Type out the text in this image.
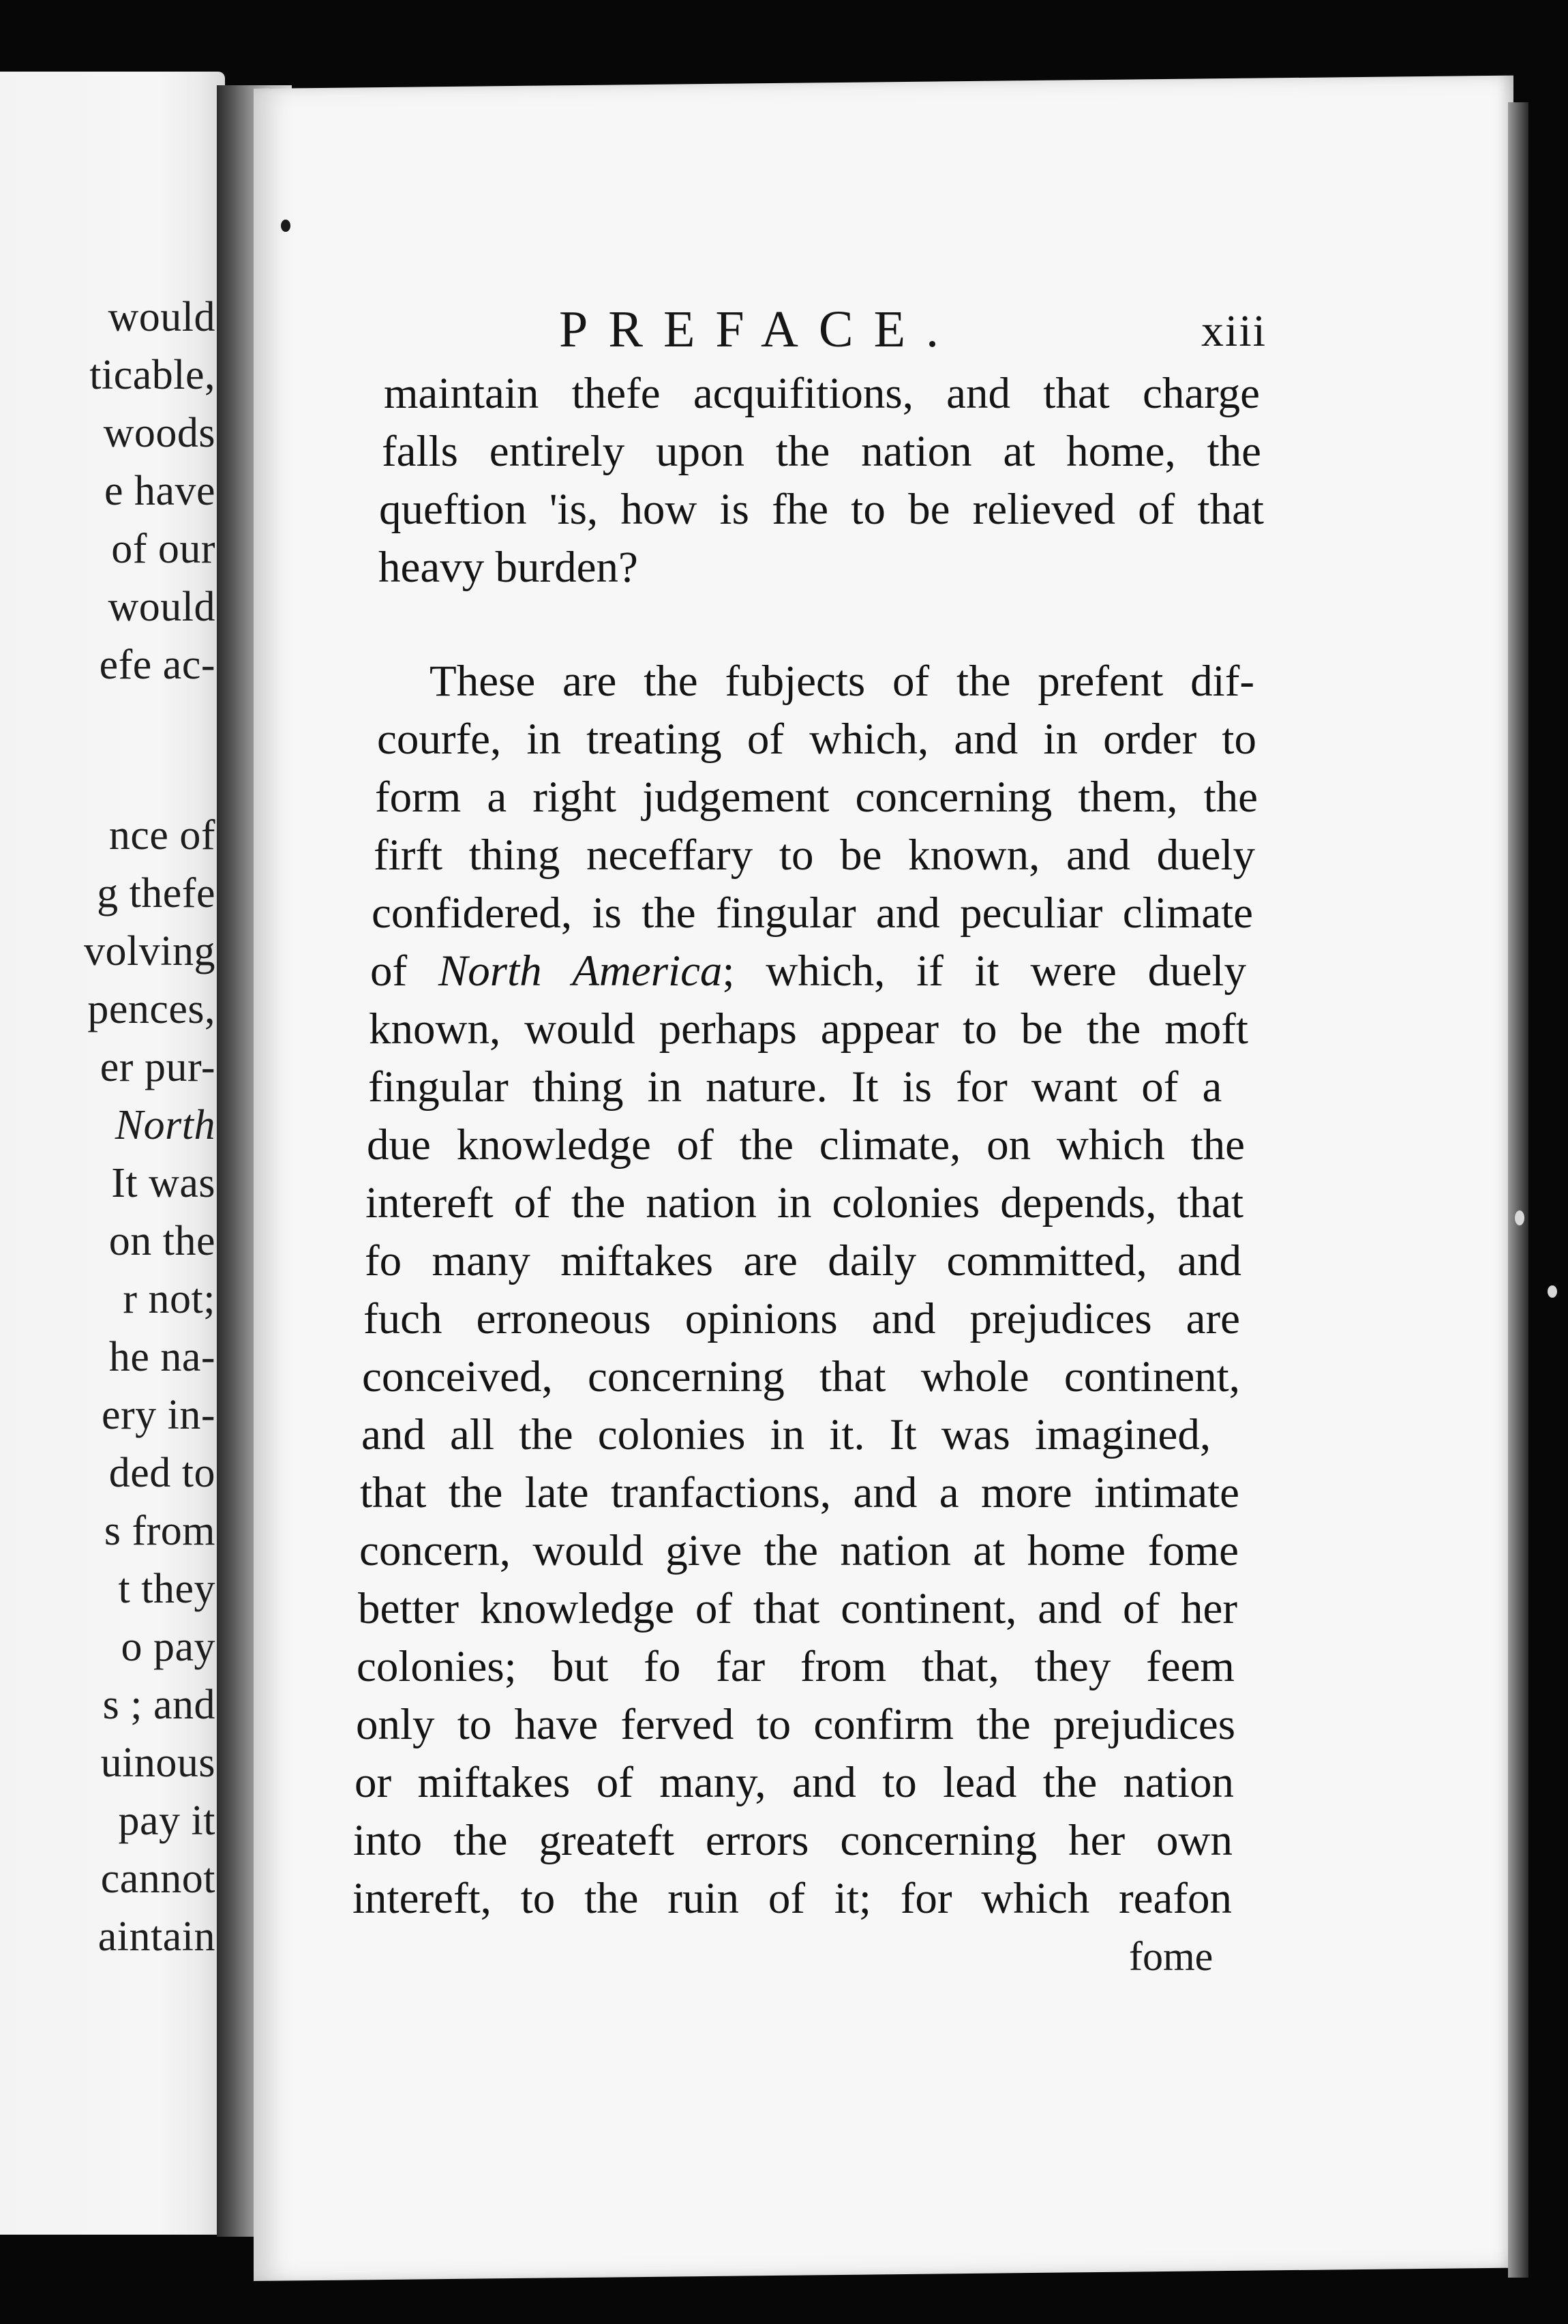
would
ticable,
woods
e have
of our
would
efe ac-
nce of
g thefe
volving
pences,
er pur-
North
It was
on the
r not;
he na-
ery in-
ded to
s from
t they
o pay
s ; and
uinous
pay it
cannot
aintain
PREFACE.	xiii
maintain thefe acquifitions, and that charge
falls entirely upon the nation at home, the
queftion 'is, how is fhe to be relieved of that
heavy burden?
These are the fubjects of the prefent dif-
courfe, in treating of which, and in order to
form a right judgement concerning them, the
firft thing neceffary to be known, and duely
confidered, is the fingular and peculiar climate
of North America; which, if it were duely
known, would perhaps appear to be the moft
fingular thing in nature. It is for want of a
due knowledge of the climate, on which the
intereft of the nation in colonies depends, that
fo many miftakes are daily committed, and
fuch erroneous opinions and prejudices are
conceived, concerning that whole continent,
and all the colonies in it. It was imagined,
that the late tranfactions, and a more intimate
concern, would give the nation at home fome
better knowledge of that continent, and of her
colonies; but fo far from that, they feem
only to have ferved to confirm the prejudices
or miftakes of many, and to lead the nation
into the greateft errors concerning her own
intereft, to the ruin of it; for which reafon
fome
